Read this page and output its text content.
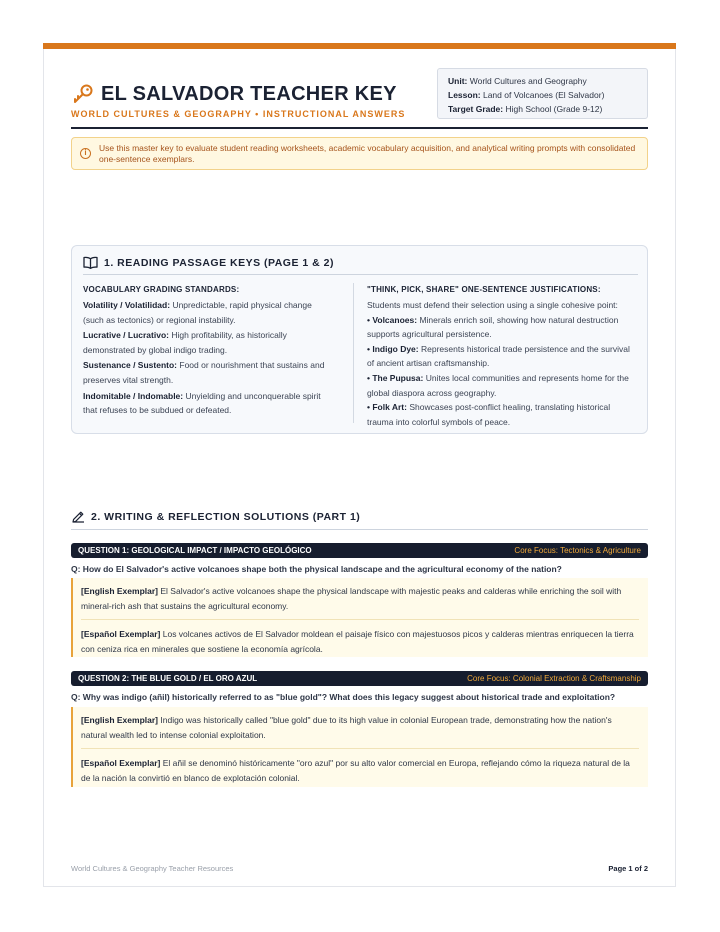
EL SALVADOR TEACHER KEY
WORLD CULTURES & GEOGRAPHY • INSTRUCTIONAL ANSWERS
Unit: World Cultures and Geography
Lesson: Land of Volcanoes (El Salvador)
Target Grade: High School (Grade 9-12)
i	Use this master key to evaluate student reading worksheets, academic vocabulary acquisition, and analytical writing prompts with consolidated one-sentence exemplars.
1. READING PASSAGE KEYS (PAGE 1 & 2)
VOCABULARY GRADING STANDARDS:

Volatility / Volatilidad: Unpredictable, rapid physical change (such as tectonics) or regional instability.

Lucrative / Lucrativo: High profitability, as historically demonstrated by global indigo trading.

Sustenance / Sustento: Food or nourishment that sustains and preserves vital strength.

Indomitable / Indomable: Unyielding and unconquerable spirit that refuses to be subdued or defeated.

"THINK, PICK, SHARE" ONE-SENTENCE JUSTIFICATIONS:

Students must defend their selection using a single cohesive point:

• Volcanoes: Minerals enrich soil, showing how natural destruction supports agricultural persistence.

• Indigo Dye: Represents historical trade persistence and the survival of ancient artisan craftsmanship.

• The Pupusa: Unites local communities and represents home for the global diaspora across geography.

• Folk Art: Showcases post-conflict healing, translating historical trauma into colorful symbols of peace.

2. WRITING & REFLECTION SOLUTIONS (PART 1)
QUESTION 1: GEOLOGICAL IMPACT / IMPACTO GEOLÓGICO	Core Focus: Tectonics & Agriculture
Q: How do El Salvador's active volcanoes shape both the physical landscape and the agricultural economy of the nation?

[English Exemplar] El Salvador's active volcanoes shape the physical landscape with majestic peaks and calderas while enriching the soil with mineral-rich ash that sustains the agricultural economy.

[Español Exemplar] Los volcanes activos de El Salvador moldean el paisaje físico con majestuosos picos y calderas mientras enriquecen la tierra con ceniza rica en minerales que sostiene la economía agrícola.

QUESTION 2: THE BLUE GOLD / EL ORO AZUL	Core Focus: Colonial Extraction & Craftsmanship
Q: Why was indigo (añil) historically referred to as "blue gold"? What does this legacy suggest about historical trade and exploitation?

[English Exemplar] Indigo was historically called "blue gold" due to its high value in colonial European trade, demonstrating how the nation's natural wealth led to intense colonial exploitation.

[Español Exemplar] El añil se denominó históricamente "oro azul" por su alto valor comercial en Europa, reflejando cómo la riqueza natural de la de la nación la convirtió en blanco de explotación colonial.

World Cultures & Geography Teacher Resources	Page 1 of 2
